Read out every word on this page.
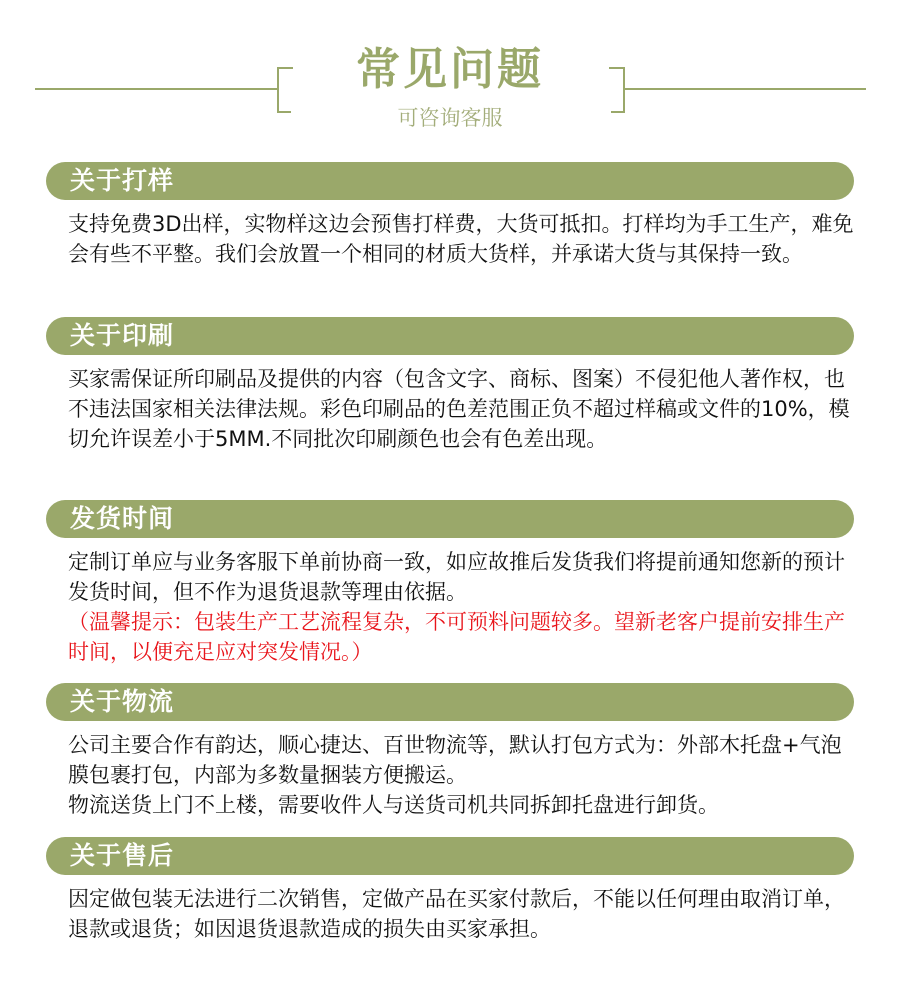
常见问题
可咨询客服
关于打样

支持免费3D出样，实物样这边会预售打样费，大货可抵扣。打样均为手工生产，难免会有些不平整。我们会放置一个相同的材质大货样，并承诺大货与其保持一致。

关于印刷

买家需保证所印刷品及提供的内容（包含文字、商标、图案）不侵犯他人著作权，也不违法国家相关法律法规。彩色印刷品的色差范围正负不超过样稿或文件的10%，模切允许误差小于5MM.不同批次印刷颜色也会有色差出现。

发货时间

定制订单应与业务客服下单前协商一致，如应故推后发货我们将提前通知您新的预计发货时间，但不作为退货退款等理由依据。

（温馨提示：包装生产工艺流程复杂，不可预料问题较多。望新老客户提前安排生产时间，以便充足应对突发情况。）

关于物流

公司主要合作有韵达，顺心捷达、百世物流等，默认打包方式为：外部木托盘+气泡膜包裹打包，内部为多数量捆装方便搬运。

物流送货上门不上楼，需要收件人与送货司机共同拆卸托盘进行卸货。

关于售后

因定做包装无法进行二次销售，定做产品在买家付款后，不能以任何理由取消订单，退款或退货；如因退货退款造成的损失由买家承担。
